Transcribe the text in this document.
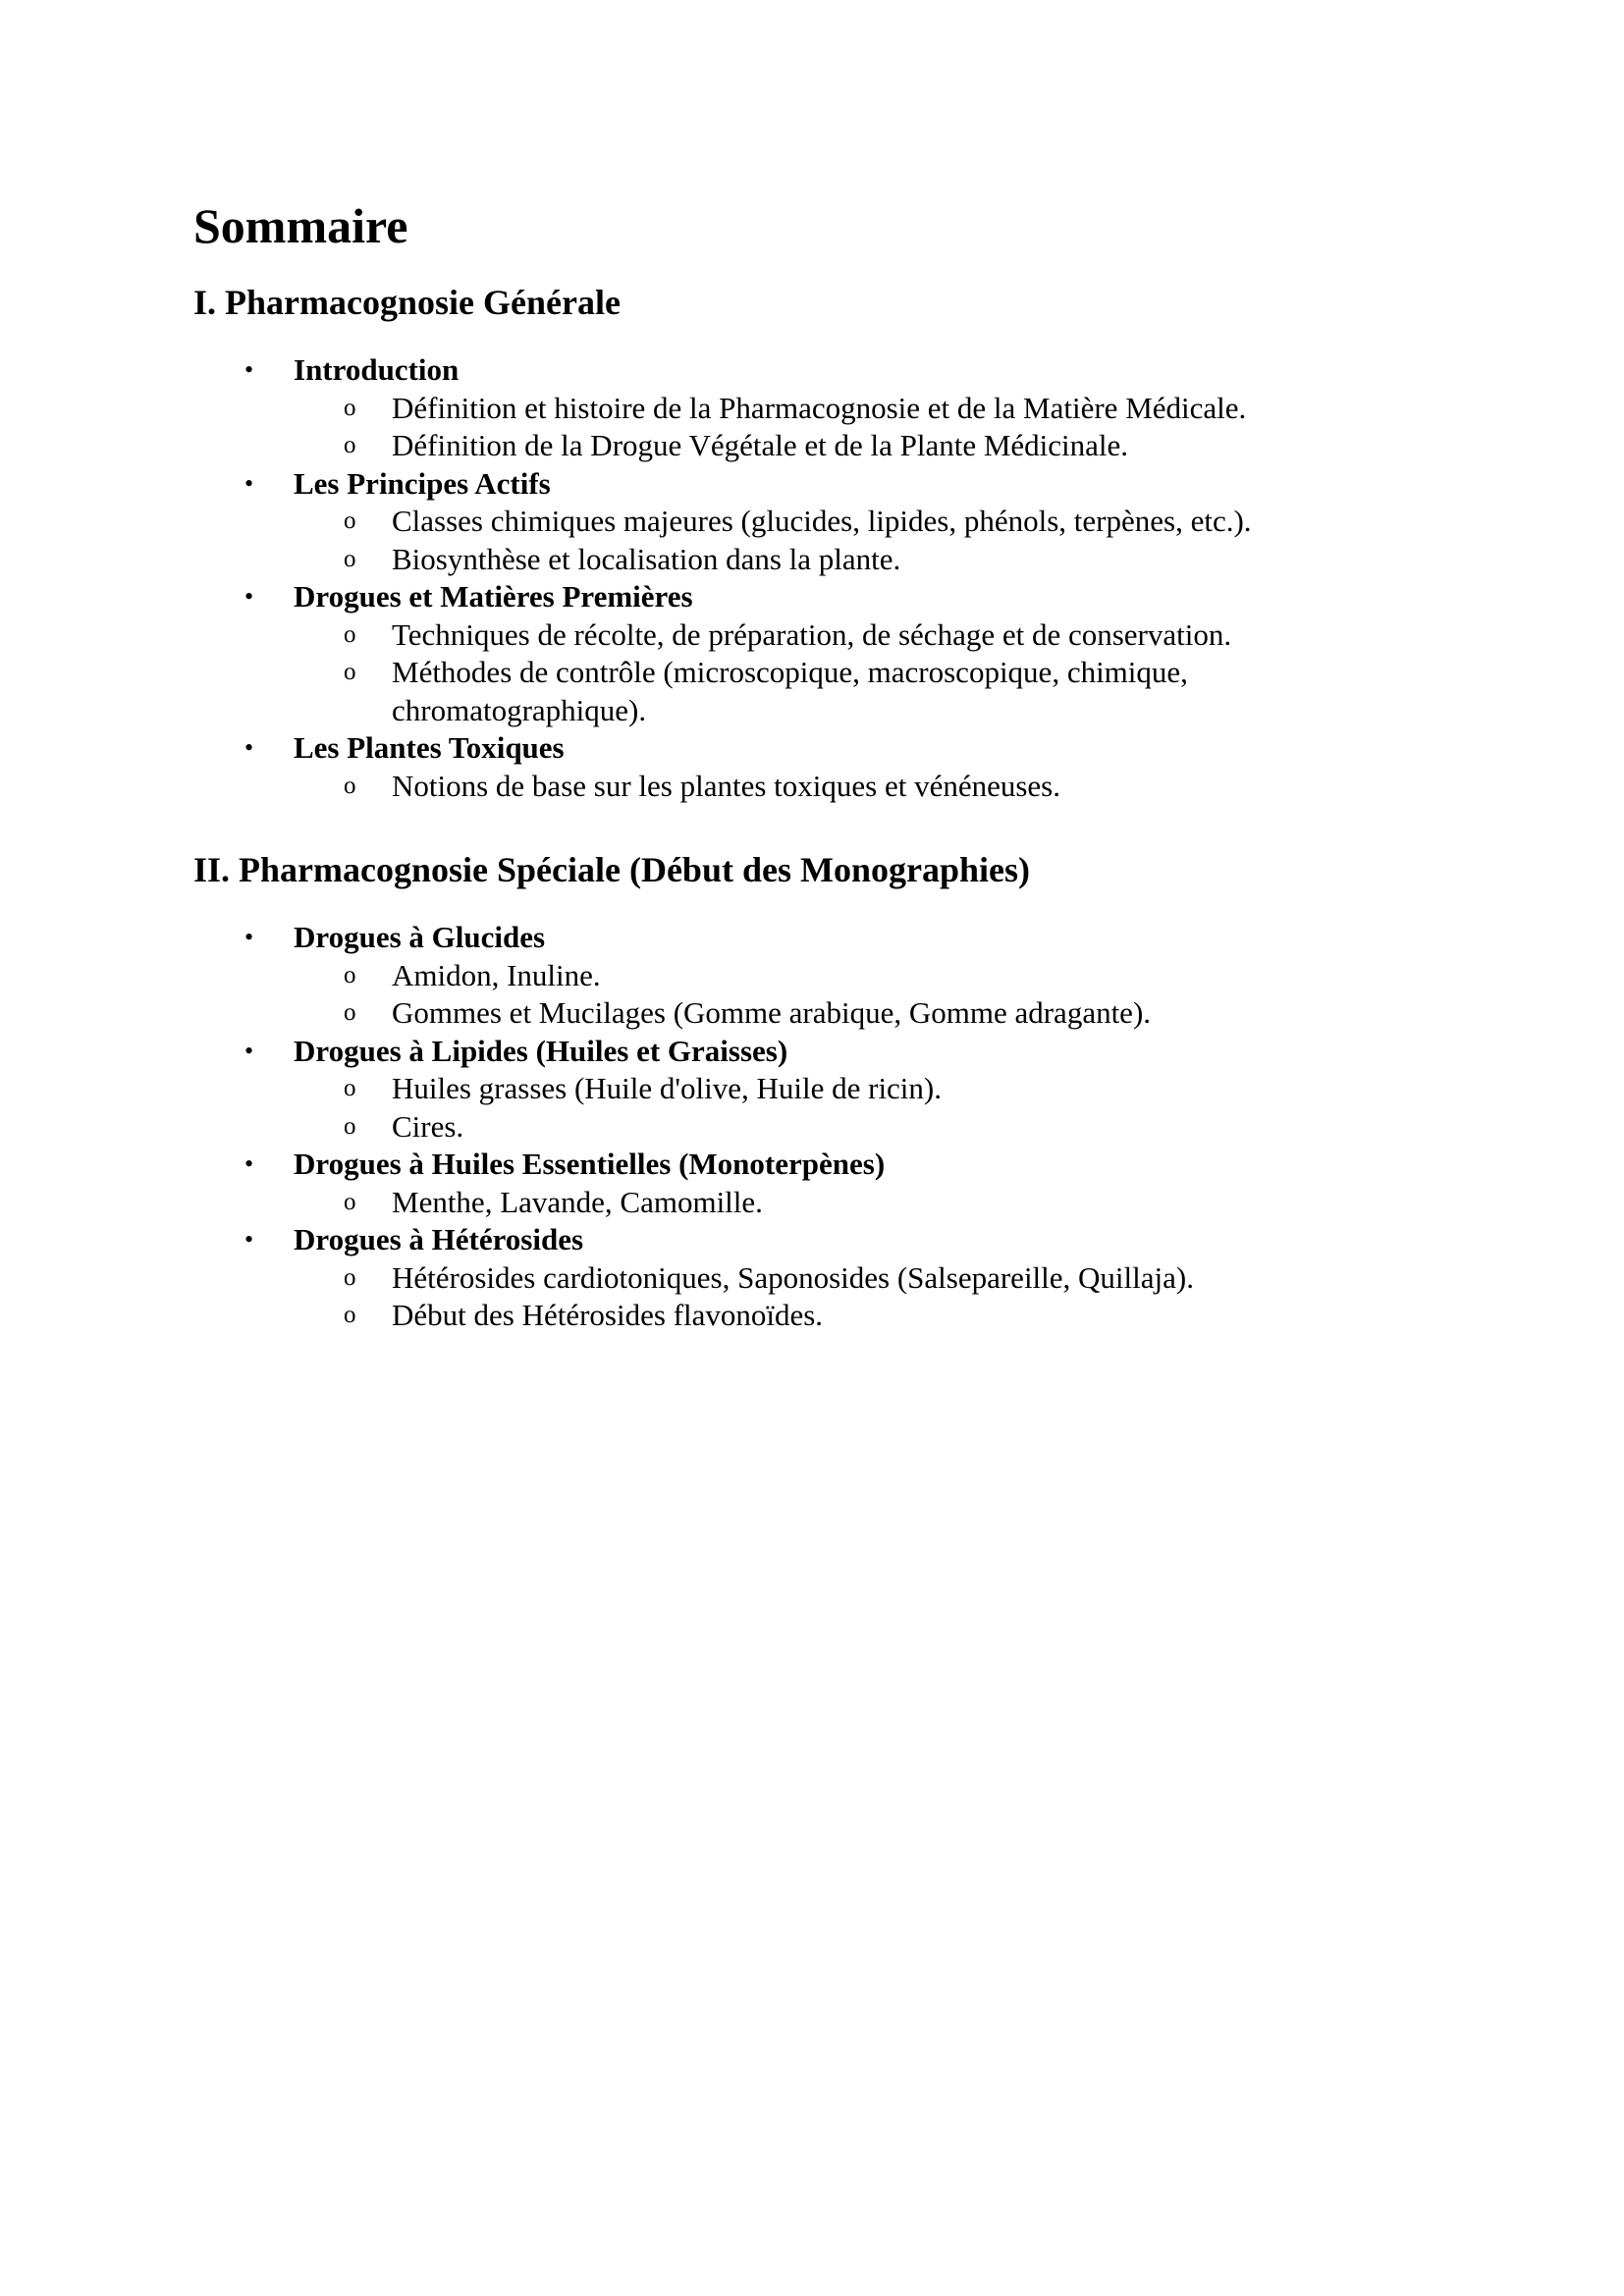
Sommaire
I. Pharmacognosie Générale
• Introduction
o Définition et histoire de la Pharmacognosie et de la Matière Médicale.
o Définition de la Drogue Végétale et de la Plante Médicinale.
• Les Principes Actifs
o Classes chimiques majeures (glucides, lipides, phénols, terpènes, etc.).
o Biosynthèse et localisation dans la plante.
• Drogues et Matières Premières
o Techniques de récolte, de préparation, de séchage et de conservation.
o Méthodes de contrôle (microscopique, macroscopique, chimique, chromatographique).
• Les Plantes Toxiques
o Notions de base sur les plantes toxiques et vénéneuses.
II. Pharmacognosie Spéciale (Début des Monographies)
• Drogues à Glucides
o Amidon, Inuline.
o Gommes et Mucilages (Gomme arabique, Gomme adragante).
• Drogues à Lipides (Huiles et Graisses)
o Huiles grasses (Huile d'olive, Huile de ricin).
o Cires.
• Drogues à Huiles Essentielles (Monoterpènes)
o Menthe, Lavande, Camomille.
• Drogues à Hétérosides
o Hétérosides cardiotoniques, Saponosides (Salsepareille, Quillaja).
o Début des Hétérosides flavonoïdes.
